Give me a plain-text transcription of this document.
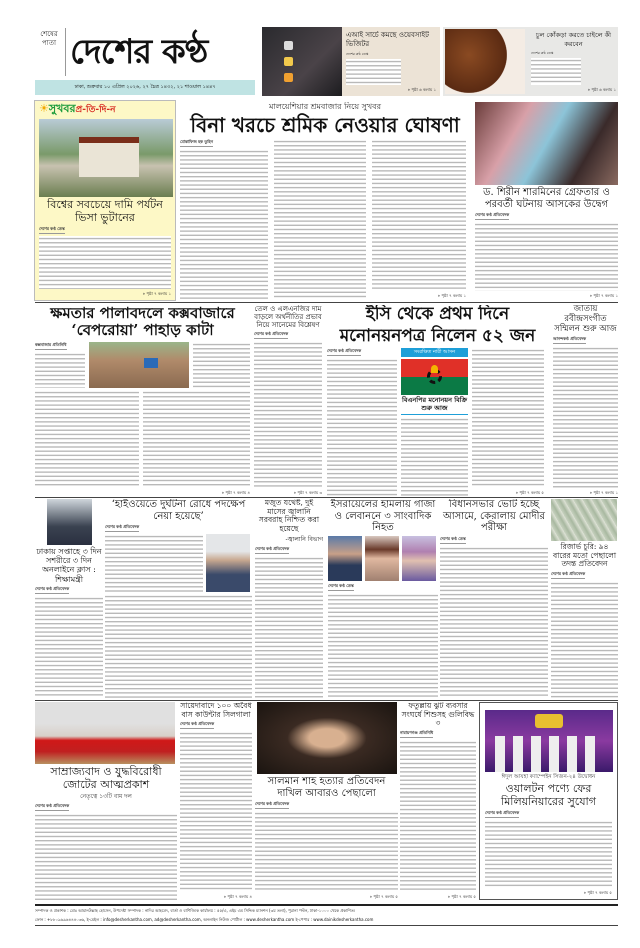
শেষের পাতা দেশের কণ্ঠ
ঢাকা, শুক্রবার ১০ এপ্রিল ২০২৬, ২৭ চৈত্র ১৪৩২, ২১ শাওয়াল ১৪৪৭
এআই সার্চে কমছে ওয়েবসাইট ভিজিটর
দেশের কণ্ঠ ডেস্ক
» পৃষ্ঠা ৬ কলাম ১
চুল কোঁকড়া করতে চাইলে কী করবেন
দেশের কণ্ঠ ডেস্ক
» পৃষ্ঠা ৬ কলাম ১
☀সুখবরপ্র-তি-দি-ন
বিশ্বের সবচেয়ে দামি পর্যটন ভিসা ভুটানের
দেশের কণ্ঠ ডেস্ক
» পৃষ্ঠা ৭ কলাম ১
মালয়েশিয়ার শ্রমবাজার নিয়ে সুখবর
বিনা খরচে শ্রমিক নেওয়ার ঘোষণা
মোস্তাফিজ হক তুহিন
» পৃষ্ঠা ৭ কলাম ১
ড. শিরীন শারমিনের গ্রেফতার ও পরবর্তী ঘটনায় আসকের উদ্বেগ
দেশের কণ্ঠ প্রতিবেদক
» পৃষ্ঠা ৭ কলাম ১
ক্ষমতার পালাবদলে কক্সবাজারে ‘বেপরোয়া’ পাহাড় কাটা
কক্সবাজার প্রতিনিধি
» পৃষ্ঠা ৭ কলাম ৪
তেল ও এলএনজির দাম বাড়লে অর্থনীতির প্রভাব নিয়ে সানেমের বিশ্লেষণ
দেশের কণ্ঠ প্রতিবেদক
» পৃষ্ঠা ৭ কলাম ৩
ইসি থেকে প্রথম দিনে
মনোনয়নপত্র নিলেন ৫২ জন
দেশের কণ্ঠ প্রতিবেদক	সংরক্ষিত নারী আসন
বিএনপির মনোনয়ন বিক্রি শুরু আজ
» পৃষ্ঠা ৭ কলাম ৫
জাতীয় রবীন্দ্রসংগীত সম্মিলন শুরু আজ
আনন্দকণ্ঠ প্রতিবেদক
» পৃষ্ঠা ৭ কলাম ১
ঢাকায় সপ্তাহে ৩ দিন সশরীরে ৩ দিন অনলাইনে ক্লাস : শিক্ষামন্ত্রী
দেশের কণ্ঠ প্রতিবেদক
‘হাইওয়েতে দুর্ঘটনা রোধে পদক্ষেপ নেয়া হয়েছে’
দেশের কণ্ঠ প্রতিবেদক
মজুত যথেষ্ট, দুই মাসের জ্বালানি সরবরাহ নিশ্চিত করা হয়েছে
-জ্বালানি বিভাগ
দেশের কণ্ঠ প্রতিবেদক
ইসরায়েলের হামলায় গাজা ও লেবাননে ৩ সাংবাদিক নিহত
দেশের কণ্ঠ ডেস্ক
বিধানসভার ভোট হচ্ছে আসামে, কেরালায় মোদীর পরীক্ষা
দেশের কণ্ঠ ডেস্ক
রিজার্ভ চুরি: ৯৪ বারের মতো পেছালো তদন্ত প্রতিবেদন
দেশের কণ্ঠ প্রতিবেদক
সাম্রাজ্যবাদ ও যুদ্ধবিরোধী জোটের আত্মপ্রকাশ
নেতৃত্বে ১৩টি বাম দল
দেশের কণ্ঠ প্রতিবেদক
সায়েদাবাদে ১০০ অবৈধ বাস কাউন্টার সিলগালা
দেশের কণ্ঠ প্রতিবেদক
» পৃষ্ঠা ৭ কলাম ৪
সালমান শাহ হত্যার প্রতিবেদন দাখিল আবারও পেছালো
দেশের কণ্ঠ প্রতিবেদক
» পৃষ্ঠা ৭ কলাম ৫
ফতুল্লায় ঝুট ব্যবসার সংঘর্ষে শিশুসহ গুলিবিদ্ধ ৩
নারায়ণগঞ্জ প্রতিনিধি
» পৃষ্ঠা ৭ কলাম ৫
ঈদুল আযহা ক্যাম্পেইন সিজন-২৪ উদ্বোধন
ওয়ালটন পণ্যে ফের মিলিয়নিয়ারের সুযোগ
দেশের কণ্ঠ প্রতিবেদক
» পৃষ্ঠা ৭ কলাম ৫
সম্পাদক ও প্রকাশক : মোঃ আমানউল্লাহ হোসেন, উপদেষ্টা সম্পাদক : নাদির আহমেদ, বার্তা ও বাণিজ্যিক কার্যালয় : ৫৫/এ, এইচ এম সিদ্দিক ম্যানশন (৩য় তলা), পুরানা পল্টন, ঢাকা-১০০০ থেকে প্রকাশিত।
ফোন : +৮৮০৯৬৯৬৪৪৪০৩৬, ই-মেইল : info@desherkantha.com, ad@desherkantha.com, অনলাইন নিউজ পোর্টাল : www.desherkantha.com ই-পেপার : www.dainikdesherkantha.com
